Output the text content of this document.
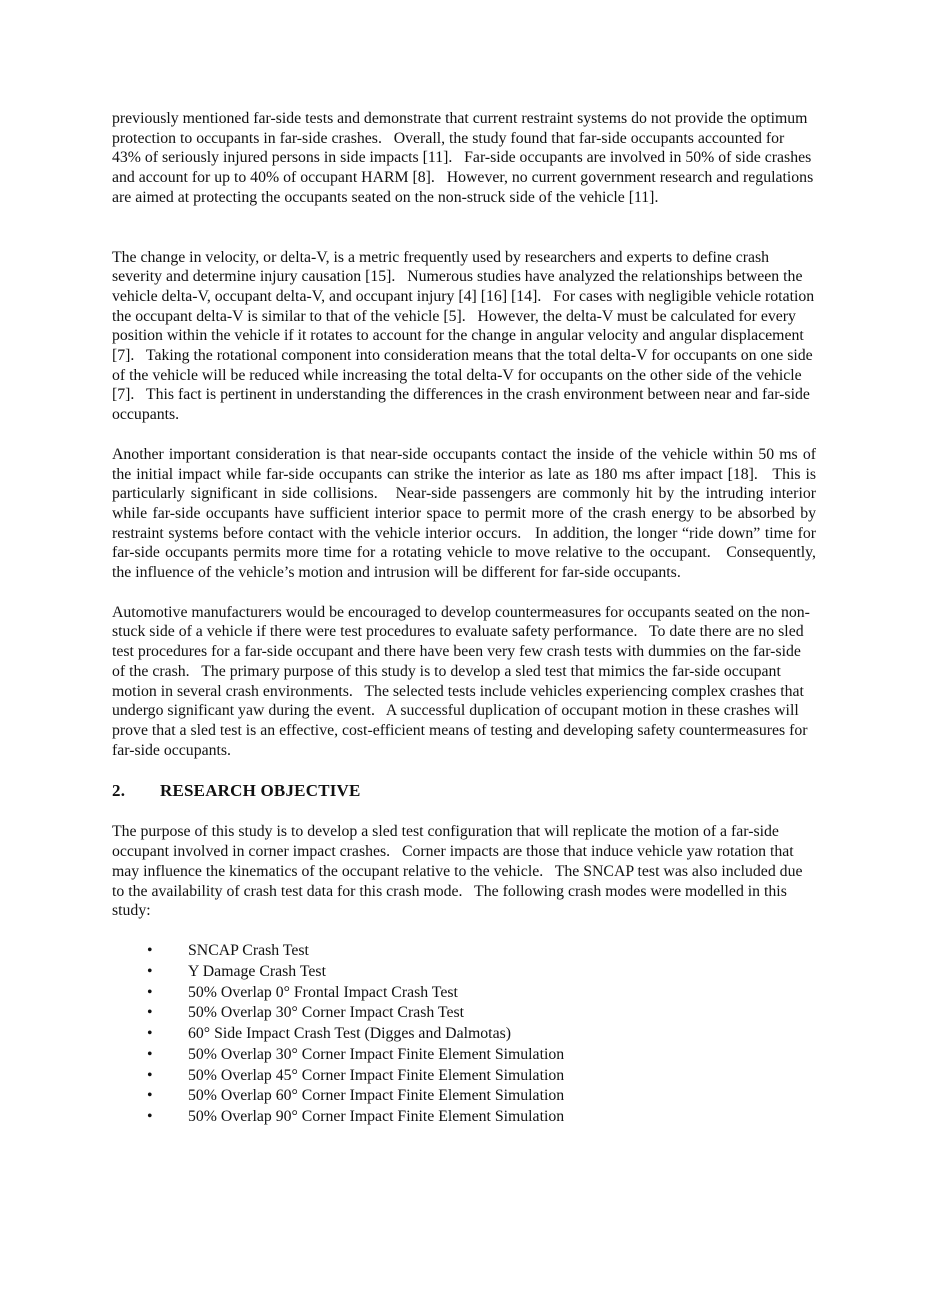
previously mentioned far-side tests and demonstrate that current restraint systems do not provide the optimum protection to occupants in far-side crashes.   Overall, the study found that far-side occupants accounted for 43% of seriously injured persons in side impacts [11].   Far-side occupants are involved in 50% of side crashes and account for up to 40% of occupant HARM [8].   However, no current government research and regulations are aimed at protecting the occupants seated on the non-struck side of the vehicle [11].

The change in velocity, or delta-V, is a metric frequently used by researchers and experts to define crash severity and determine injury causation [15].   Numerous studies have analyzed the relationships between the vehicle delta-V, occupant delta-V, and occupant injury [4] [16] [14].   For cases with negligible vehicle rotation the occupant delta-V is similar to that of the vehicle [5].   However, the delta-V must be calculated for every position within the vehicle if it rotates to account for the change in angular velocity and angular displacement [7].   Taking the rotational component into consideration means that the total delta-V for occupants on one side of the vehicle will be reduced while increasing the total delta-V for occupants on the other side of the vehicle [7].   This fact is pertinent in understanding the differences in the crash environment between near and far-side occupants.

Another important consideration is that near-side occupants contact the inside of the vehicle within 50 ms of the initial impact while far-side occupants can strike the interior as late as 180 ms after impact [18].   This is particularly significant in side collisions.   Near-side passengers are commonly hit by the intruding interior while far-side occupants have sufficient interior space to permit more of the crash energy to be absorbed by restraint systems before contact with the vehicle interior occurs.   In addition, the longer “ride down” time for far-side occupants permits more time for a rotating vehicle to move relative to the occupant.   Consequently, the influence of the vehicle’s motion and intrusion will be different for far-side occupants.

Automotive manufacturers would be encouraged to develop countermeasures for occupants seated on the non-stuck side of a vehicle if there were test procedures to evaluate safety performance.   To date there are no sled test procedures for a far-side occupant and there have been very few crash tests with dummies on the far-side of the crash.   The primary purpose of this study is to develop a sled test that mimics the far-side occupant motion in several crash environments.   The selected tests include vehicles experiencing complex crashes that undergo significant yaw during the event.   A successful duplication of occupant motion in these crashes will prove that a sled test is an effective, cost-efficient means of testing and developing safety countermeasures for far-side occupants.

2. RESEARCH OBJECTIVE

The purpose of this study is to develop a sled test configuration that will replicate the motion of a far-side occupant involved in corner impact crashes.   Corner impacts are those that induce vehicle yaw rotation that may influence the kinematics of the occupant relative to the vehicle.   The SNCAP test was also included due to the availability of crash test data for this crash mode.   The following crash modes were modelled in this study:

•	SNCAP Crash Test
•	Y Damage Crash Test
•	50% Overlap 0° Frontal Impact Crash Test
•	50% Overlap 30° Corner Impact Crash Test
•	60° Side Impact Crash Test (Digges and Dalmotas)
•	50% Overlap 30° Corner Impact Finite Element Simulation
•	50% Overlap 45° Corner Impact Finite Element Simulation
•	50% Overlap 60° Corner Impact Finite Element Simulation
•	50% Overlap 90° Corner Impact Finite Element Simulation
